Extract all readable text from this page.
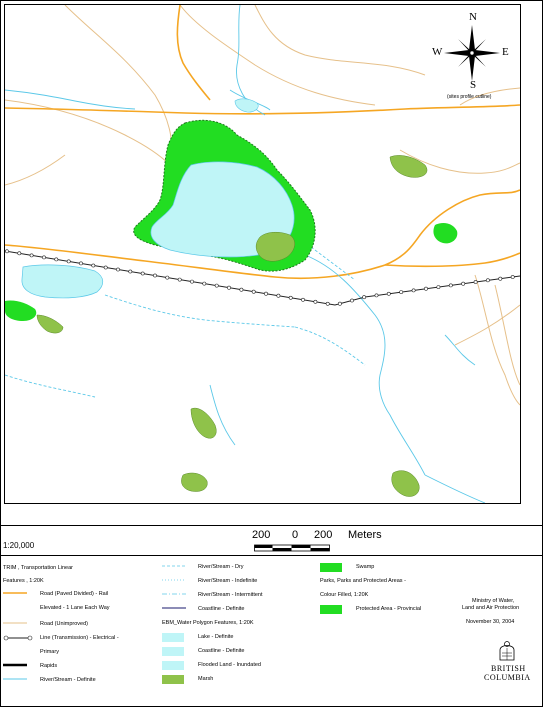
N
S
W	E
(sites profile cutline)
200 0 200 Meters
1:20,000
TRIM , Transportation Linear
Features , 1:20K
Road (Paved Divided) - Rail
Elevated - 1 Lane Each Way
Road (Unimproved)
Line (Transmission) - Electrical -
Primary
Rapids
River/Stream - Definite
River/Stream - Dry
River/Stream - Indefinite
River/Stream - Intermittent
Coastline - Definite
EBM_Water Polygon Features, 1:20K
Lake - Definite
Coastline - Definite
Flooded Land - Inundated
Marsh
Swamp
Parks, Parks and Protected Areas -
Colour Filled, 1:20K
Protected Area - Provincial
Ministry of Water,
Land and Air Protection
November 30, 2004
BRITISH
COLUMBIA
